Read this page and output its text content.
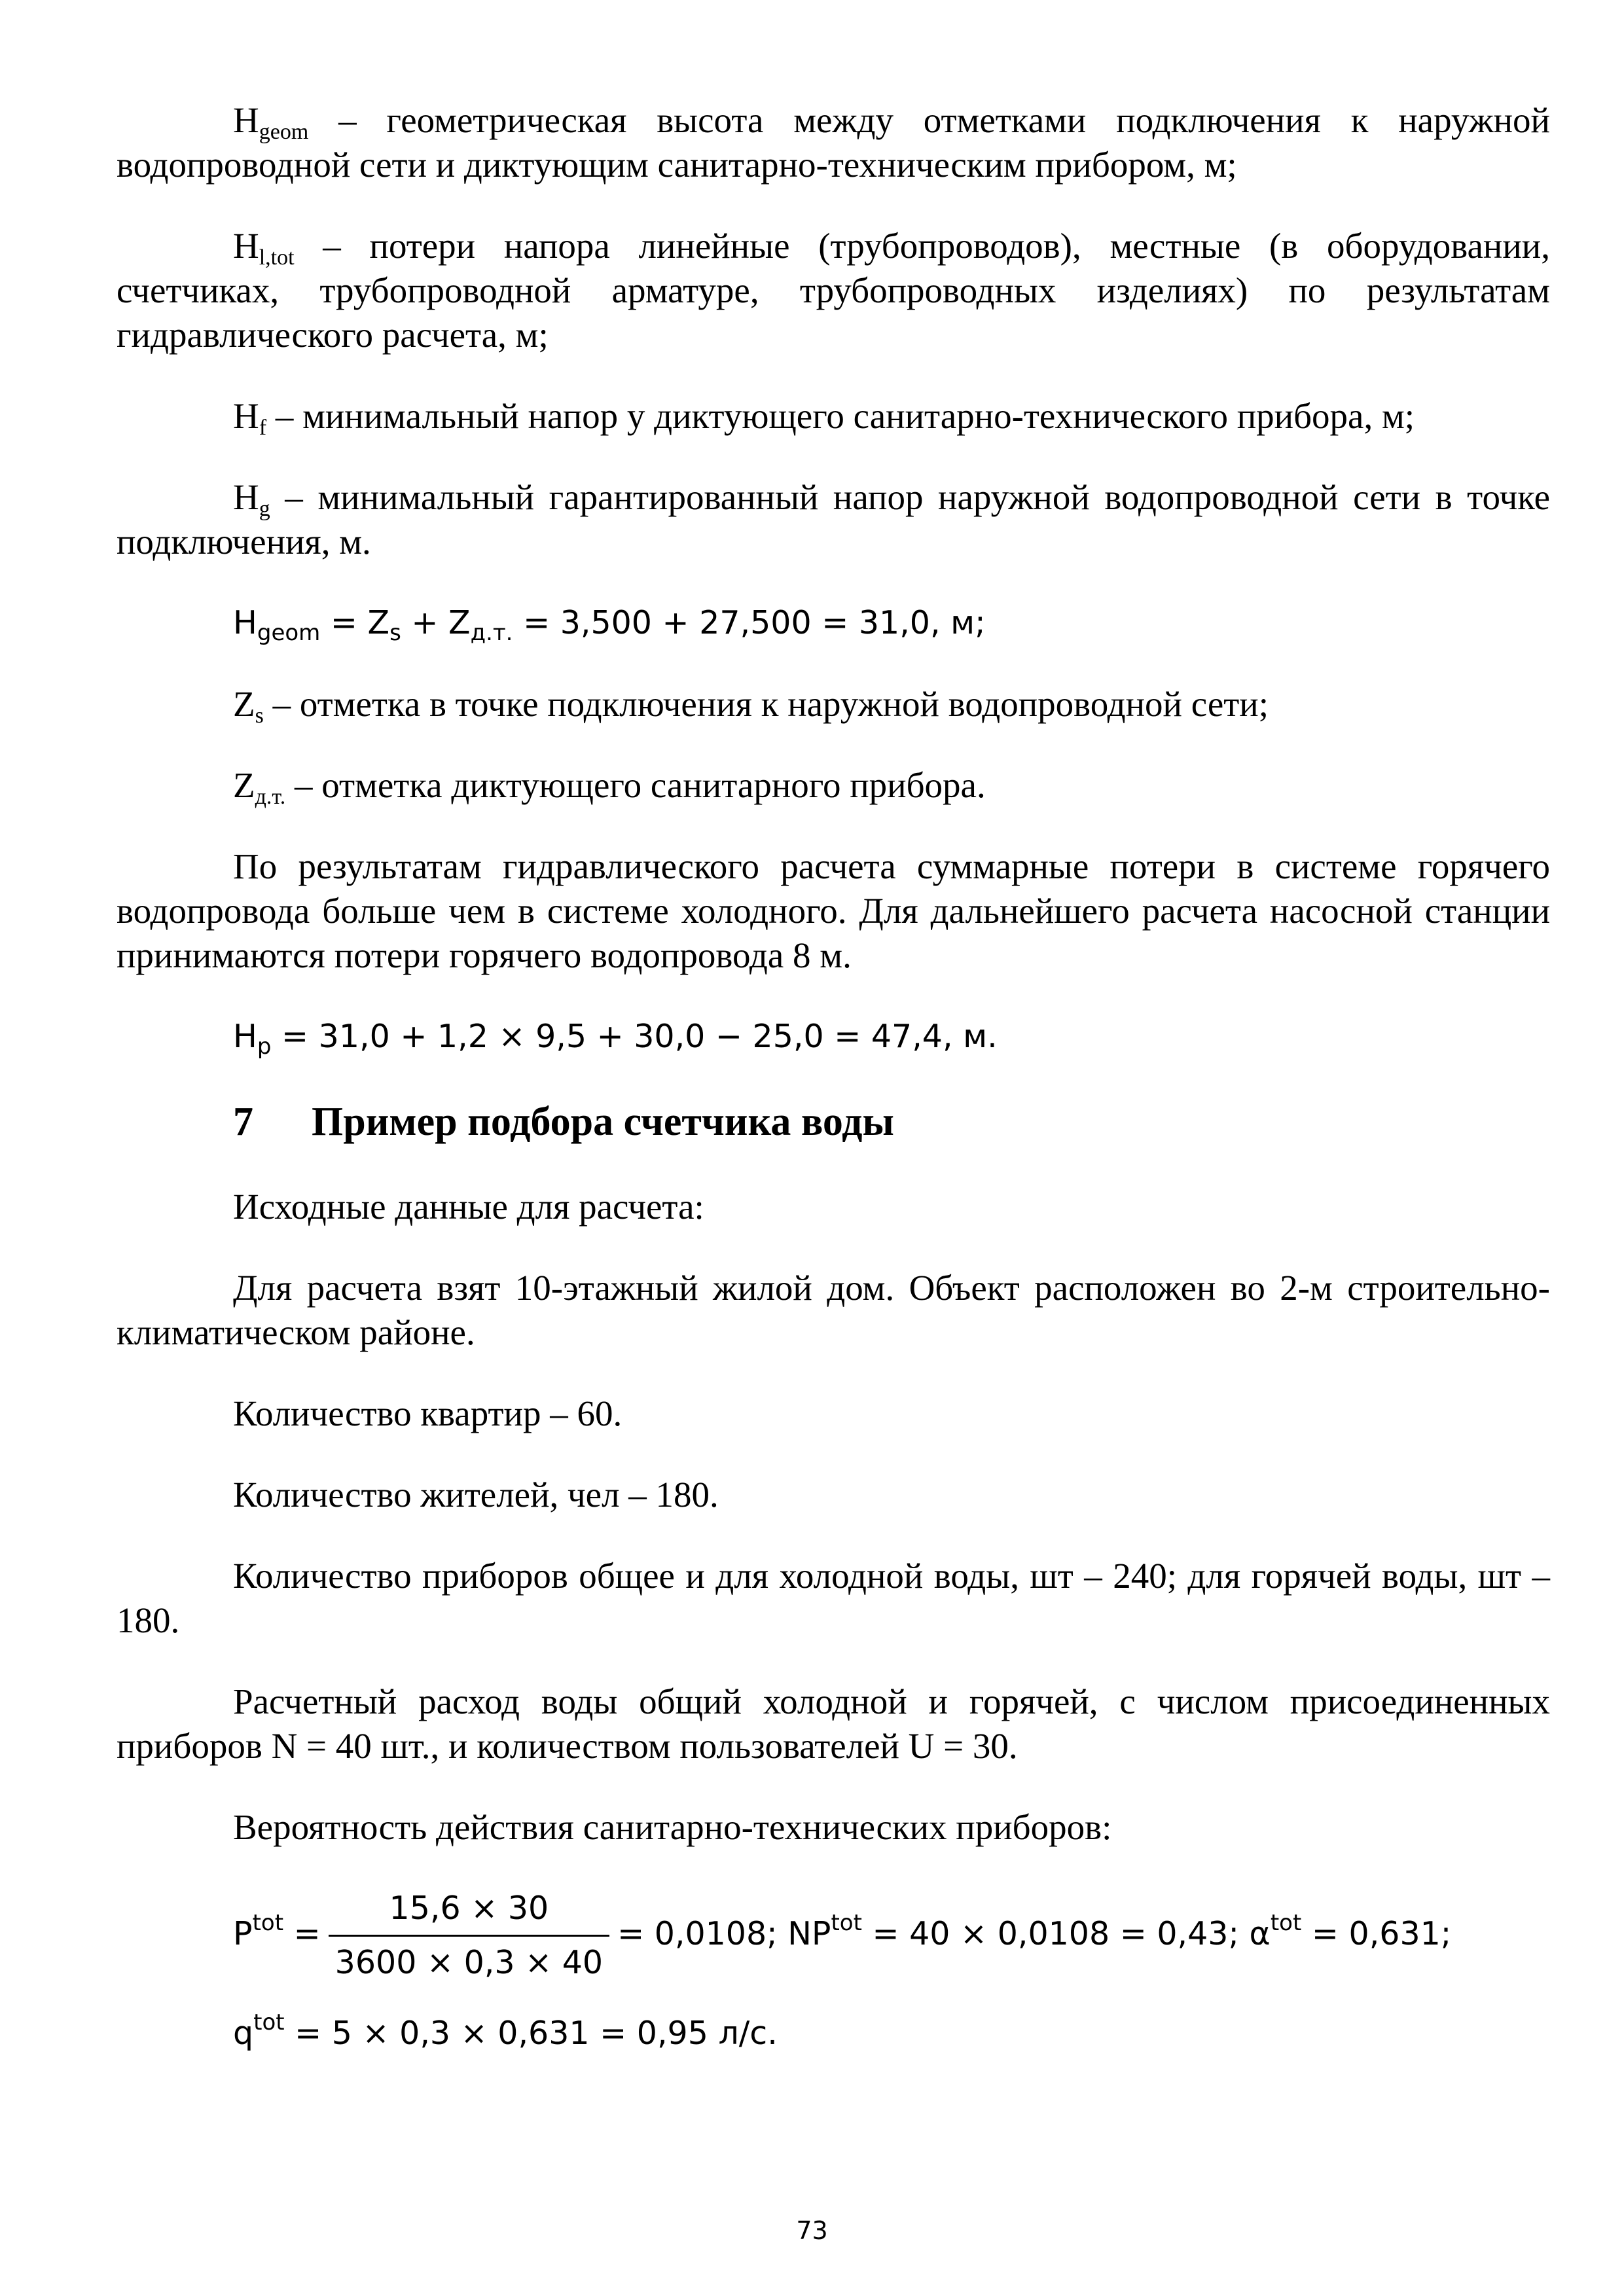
$H_{geom}$ – геометрическая высота между отметками подключения к наружной водопроводной сети и диктующим санитарно-техническим прибором, м;

$H_{l,tot}$ – потери напора линейные (трубопроводов), местные (в оборудовании, счетчиках, трубопроводной арматуре, трубопроводных изделиях) по результатам гидравлического расчета, м;

$H_f$ – минимальный напор у диктующего санитарно-технического прибора, м;

$H_g$ – минимальный гарантированный напор наружной водопроводной сети в точке подключения, м.

$H_{geom} = Z_s + Z_{д.т.} = 3,500 + 27,500 = 31,0$, м;

$Z_s$ – отметка в точке подключения к наружной водопроводной сети;

$Z_{д.т.}$ – отметка диктующего санитарного прибора.

По результатам гидравлического расчета суммарные потери в системе горячего водопровода больше чем в системе холодного. Для дальнейшего расчета насосной станции принимаются потери горячего водопровода 8 м.

$H_p = 31,0 + 1,2 \times 9,5 + 30,0 - 25,0 = 47,4$, м.
7 Пример подбора счетчика воды

Исходные данные для расчета:

Для расчета взят 10-этажный жилой дом. Объект расположен во 2-м строительно-климатическом районе.

Количество квартир – 60.

Количество жителей, чел – 180.

Количество приборов общее и для холодной воды, шт – 240; для горячей воды, шт – 180.

Расчетный расход воды общий холодной и горячей, с числом присоединенных приборов N = 40 шт., и количеством пользователей U = 30.

Вероятность действия санитарно-технических приборов:

$P^{tot} = \frac{15,6 \times 30}{3600 \times 0,3 \times 40} = 0,0108$; $NP^{tot} = 40 \times 0,0108 = 0,43$; $\alpha^{tot} = 0,631$;
$q^{tot} = 5 \times 0,3 \times 0,631 = 0,95$ л/с.
73
